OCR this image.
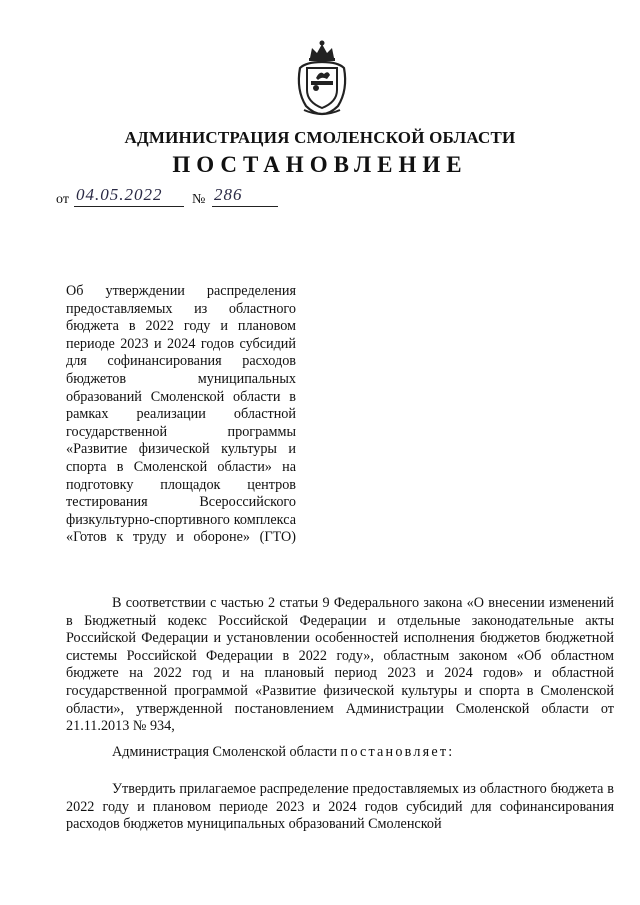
АДМИНИСТРАЦИЯ СМОЛЕНСКОЙ ОБЛАСТИ
ПОСТАНОВЛЕНИЕ
от 04.05.2022	№ 286
Об утверждении распределения предоставляемых из областного бюджета в 2022 году и плановом периоде 2023 и 2024 годов субсидий для софинансирования расходов бюджетов муниципальных образований Смоленской области в рамках реализации областной государственной программы «Развитие физической культуры и спорта в Смоленской области» на подготовку площадок центров тестирования Всероссийского физкультурно-спортивного комплекса «Готов к труду и обороне» (ГТО)

В соответствии с частью 2 статьи 9 Федерального закона «О внесении изменений в Бюджетный кодекс Российской Федерации и отдельные законодательные акты Российской Федерации и установлении особенностей исполнения бюджетов бюджетной системы Российской Федерации в 2022 году», областным законом «Об областном бюджете на 2022 год и на плановый период 2023 и 2024 годов» и областной государственной программой «Развитие физической культуры и спорта в Смоленской области», утвержденной постановлением Администрации Смоленской области от 21.11.2013 № 934,

Администрация Смоленской области постановляет:

Утвердить прилагаемое распределение предоставляемых из областного бюджета в 2022 году и плановом периоде 2023 и 2024 годов субсидий для софинансирования расходов бюджетов муниципальных образований Смоленской
